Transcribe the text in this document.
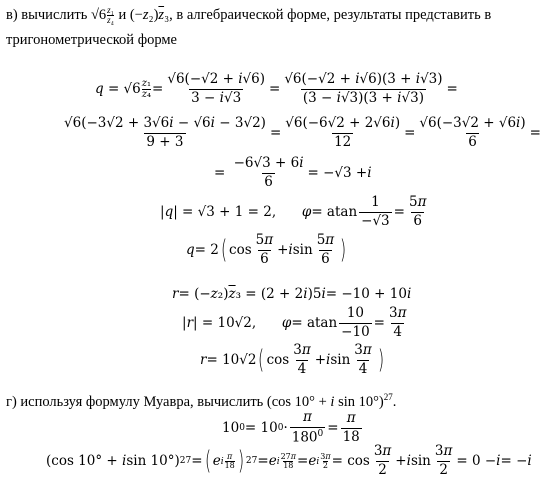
в) вычислить $√6 \frac{\text{z₁}}{\text{z₄}}$ и $(-z_2)\overline{z}_3$, в алгебраической форме, результаты представить в
тригонометрической форме
q = √6 z₁
$z_4 = \frac{√6(-√2 + i√6)}{3 - i√3} = \frac{√6(-√2 + i√6)(3 + i√3)}{(3 - i√3)(3 + i√3)}$ =
$\frac{√6(-3√2 + 3√6i - √6i - 3√2)}{9 + 3} = \frac{√6(-6√2 + 2√6i)}{12} = \frac{√6(-3√2 + √6i)}{6}$ =
= $\frac{-6√3 + 6i}{6} = -√3 + i$
| q | = √3 + 1 = 2, φ = atan $\frac{1}{-√3} = \frac{5\pi}{6}$
q = 2 ( $\cos \frac{5\pi}{6} + i$ $\sin \frac{5\pi}{6}$ )
r = (− z ₂) $\overline{z}$ ₃ = (2 + 2 i )5 i = −10 + 10 i
| r | = 10√2, φ = atan $\frac{10}{-10} = \frac{3\pi}{4}$
r = 10√2 ( $\cos \frac{3\pi}{4} + i$ $\sin \frac{3\pi}{4}$ )
г) используя формулу Муавра, вычислить (cos 10° + i sin 10°)$^{27}$.
10 0 = 10 $0 \cdot \frac{\pi}{180^0} = \frac{\pi}{18}$
(cos 10° + i sin 10°) 27 = ( e i $\frac{\pi}{18}$ ) 27 = e i $\frac{27\pi}{18} = e$ i $\frac{3\pi}{2} = \cos \frac{3\pi}{2} + i$ $\sin \frac{3\pi}{2} = 0 - i$ = − i
